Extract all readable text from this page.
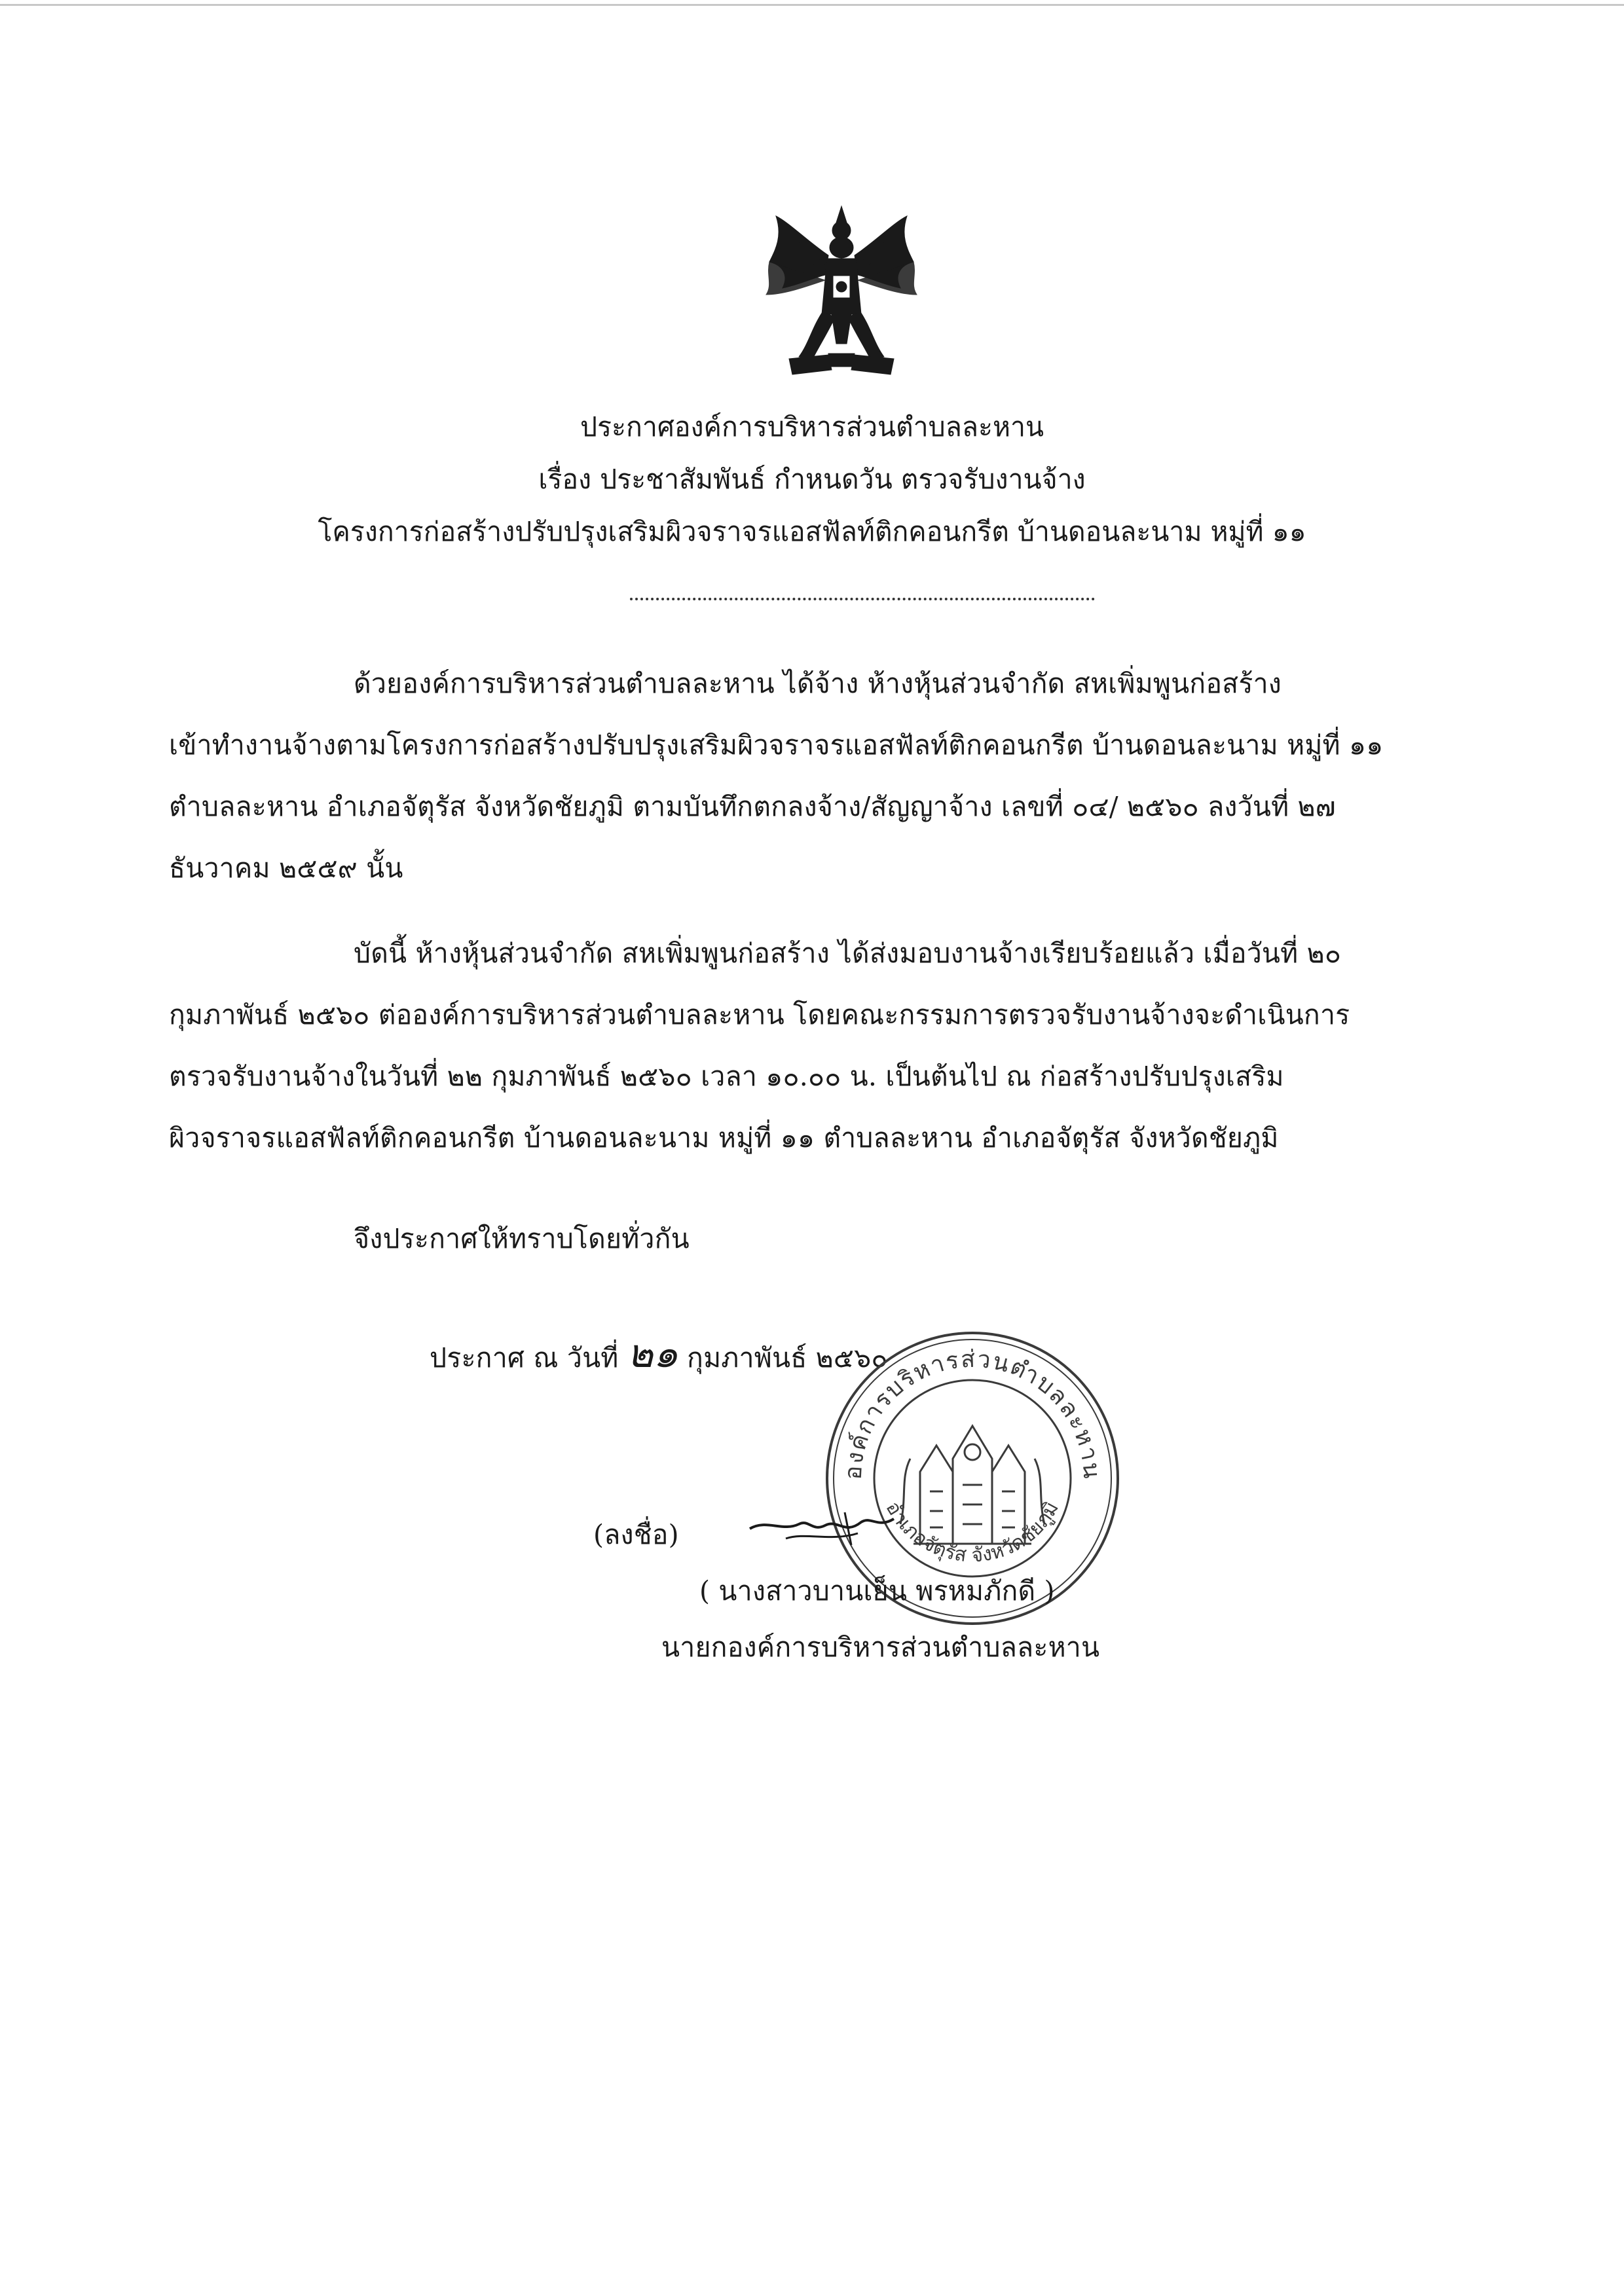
ประกาศองค์การบริหารส่วนตำบลละหาน
เรื่อง ประชาสัมพันธ์ กำหนดวัน ตรวจรับงานจ้าง
โครงการก่อสร้างปรับปรุงเสริมผิวจราจรแอสฟัลท์ติกคอนกรีต บ้านดอนละนาม หมู่ที่ ๑๑
ด้วยองค์การบริหารส่วนตำบลละหาน ได้จ้าง ห้างหุ้นส่วนจำกัด สหเพิ่มพูนก่อสร้าง
เข้าทำงานจ้างตามโครงการก่อสร้างปรับปรุงเสริมผิวจราจรแอสฟัลท์ติกคอนกรีต บ้านดอนละนาม หมู่ที่ ๑๑
ตำบลละหาน อำเภอจัตุรัส จังหวัดชัยภูมิ ตามบันทึกตกลงจ้าง/สัญญาจ้าง เลขที่ ๐๔/ ๒๕๖๐ ลงวันที่ ๒๗
ธันวาคม ๒๕๕๙ นั้น
บัดนี้ ห้างหุ้นส่วนจำกัด สหเพิ่มพูนก่อสร้าง ได้ส่งมอบงานจ้างเรียบร้อยแล้ว เมื่อวันที่ ๒๐
กุมภาพันธ์ ๒๕๖๐ ต่อองค์การบริหารส่วนตำบลละหาน โดยคณะกรรมการตรวจรับงานจ้างจะดำเนินการ
ตรวจรับงานจ้างในวันที่ ๒๒ กุมภาพันธ์ ๒๕๖๐ เวลา ๑๐.๐๐ น. เป็นต้นไป ณ ก่อสร้างปรับปรุงเสริม
ผิวจราจรแอสฟัลท์ติกคอนกรีต บ้านดอนละนาม หมู่ที่ ๑๑ ตำบลละหาน อำเภอจัตุรัส จังหวัดชัยภูมิ
จึงประกาศให้ทราบโดยทั่วกัน
ประกาศ ณ วันที่ ๒๑ กุมภาพันธ์ ๒๕๖๐
องค์การบริหารส่วนตำบลละหาน
อำเภอจัตุรัส จังหวัดชัยภูมิ
(ลงชื่อ)
( นางสาวบานเย็น พรหมภักดี )
นายกองค์การบริหารส่วนตำบลละหาน
